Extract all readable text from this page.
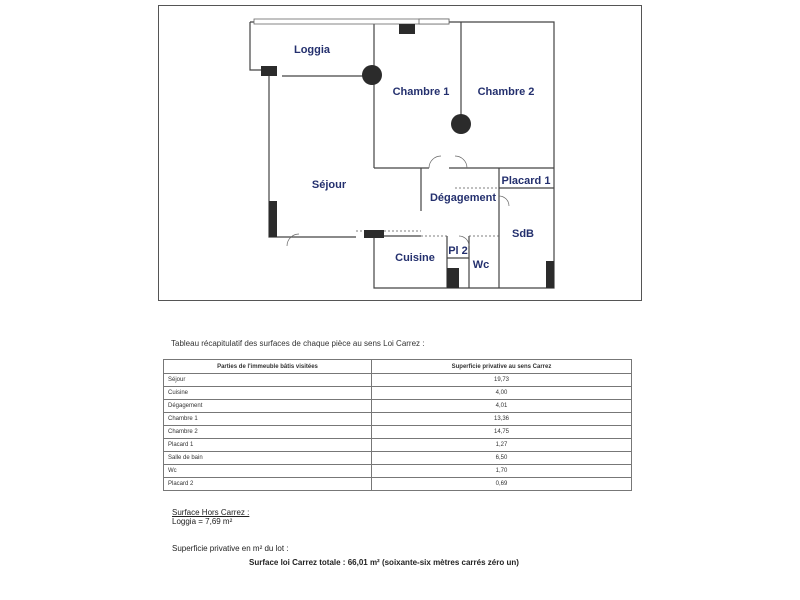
Loggia
Chambre 1	Chambre 2
Séjour
Dégagement
Placard 1
SdB
Pl 2
Cuisine
Wc
Tableau récapitulatif des surfaces de chaque pièce au sens Loi Carrez :
Parties de l'immeuble bâtis visitées	Superficie privative au sens Carrez
Séjour	19,73
Cuisine	4,00
Dégagement	4,01
Chambre 1	13,36
Chambre 2	14,75
Placard 1	1,27
Salle de bain	6,50
Wc	1,70
Placard 2	0,69
Surface Hors Carrez :
Loggia = 7,69 m²
Superficie privative en m² du lot :
Surface loi Carrez totale : 66,01 m² (soixante-six mètres carrés zéro un)
